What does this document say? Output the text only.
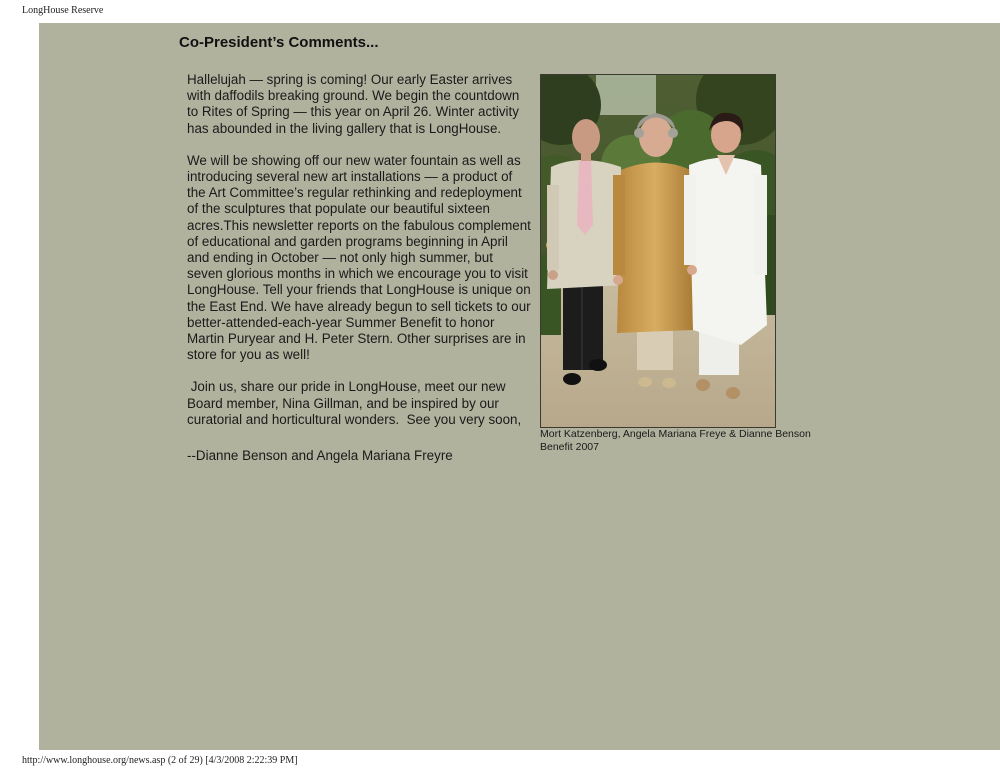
LongHouse Reserve
Co-President’s Comments...

Hallelujah — spring is coming! Our early Easter arrives with daffodils breaking ground. We begin the countdown to Rites of Spring — this year on April 26. Winter activity has abounded in the living gallery that is LongHouse.

We will be showing off our new water fountain as well as introducing several new art installations — a product of the Art Committee’s regular rethinking and redeployment of the sculptures that populate our beautiful sixteen acres.This newsletter reports on the fabulous complement of educational and garden programs beginning in April and ending in October — not only high summer, but seven glorious months in which we encourage you to visit LongHouse. Tell your friends that LongHouse is unique on the East End. We have already begun to sell tickets to our better-attended-each-year Summer Benefit to honor Martin Puryear and H. Peter Stern. Other surprises are in store for you as well!

Join us, share our pride in LongHouse, meet our new Board member, Nina Gillman, and be inspired by our curatorial and horticultural wonders.  See you very soon,

--Dianne Benson and Angela Mariana Freyre

Mort Katzenberg, Angela Mariana Freye & Dianne Benson
Benefit 2007
http://www.longhouse.org/news.asp (2 of 29) [4/3/2008 2:22:39 PM]
